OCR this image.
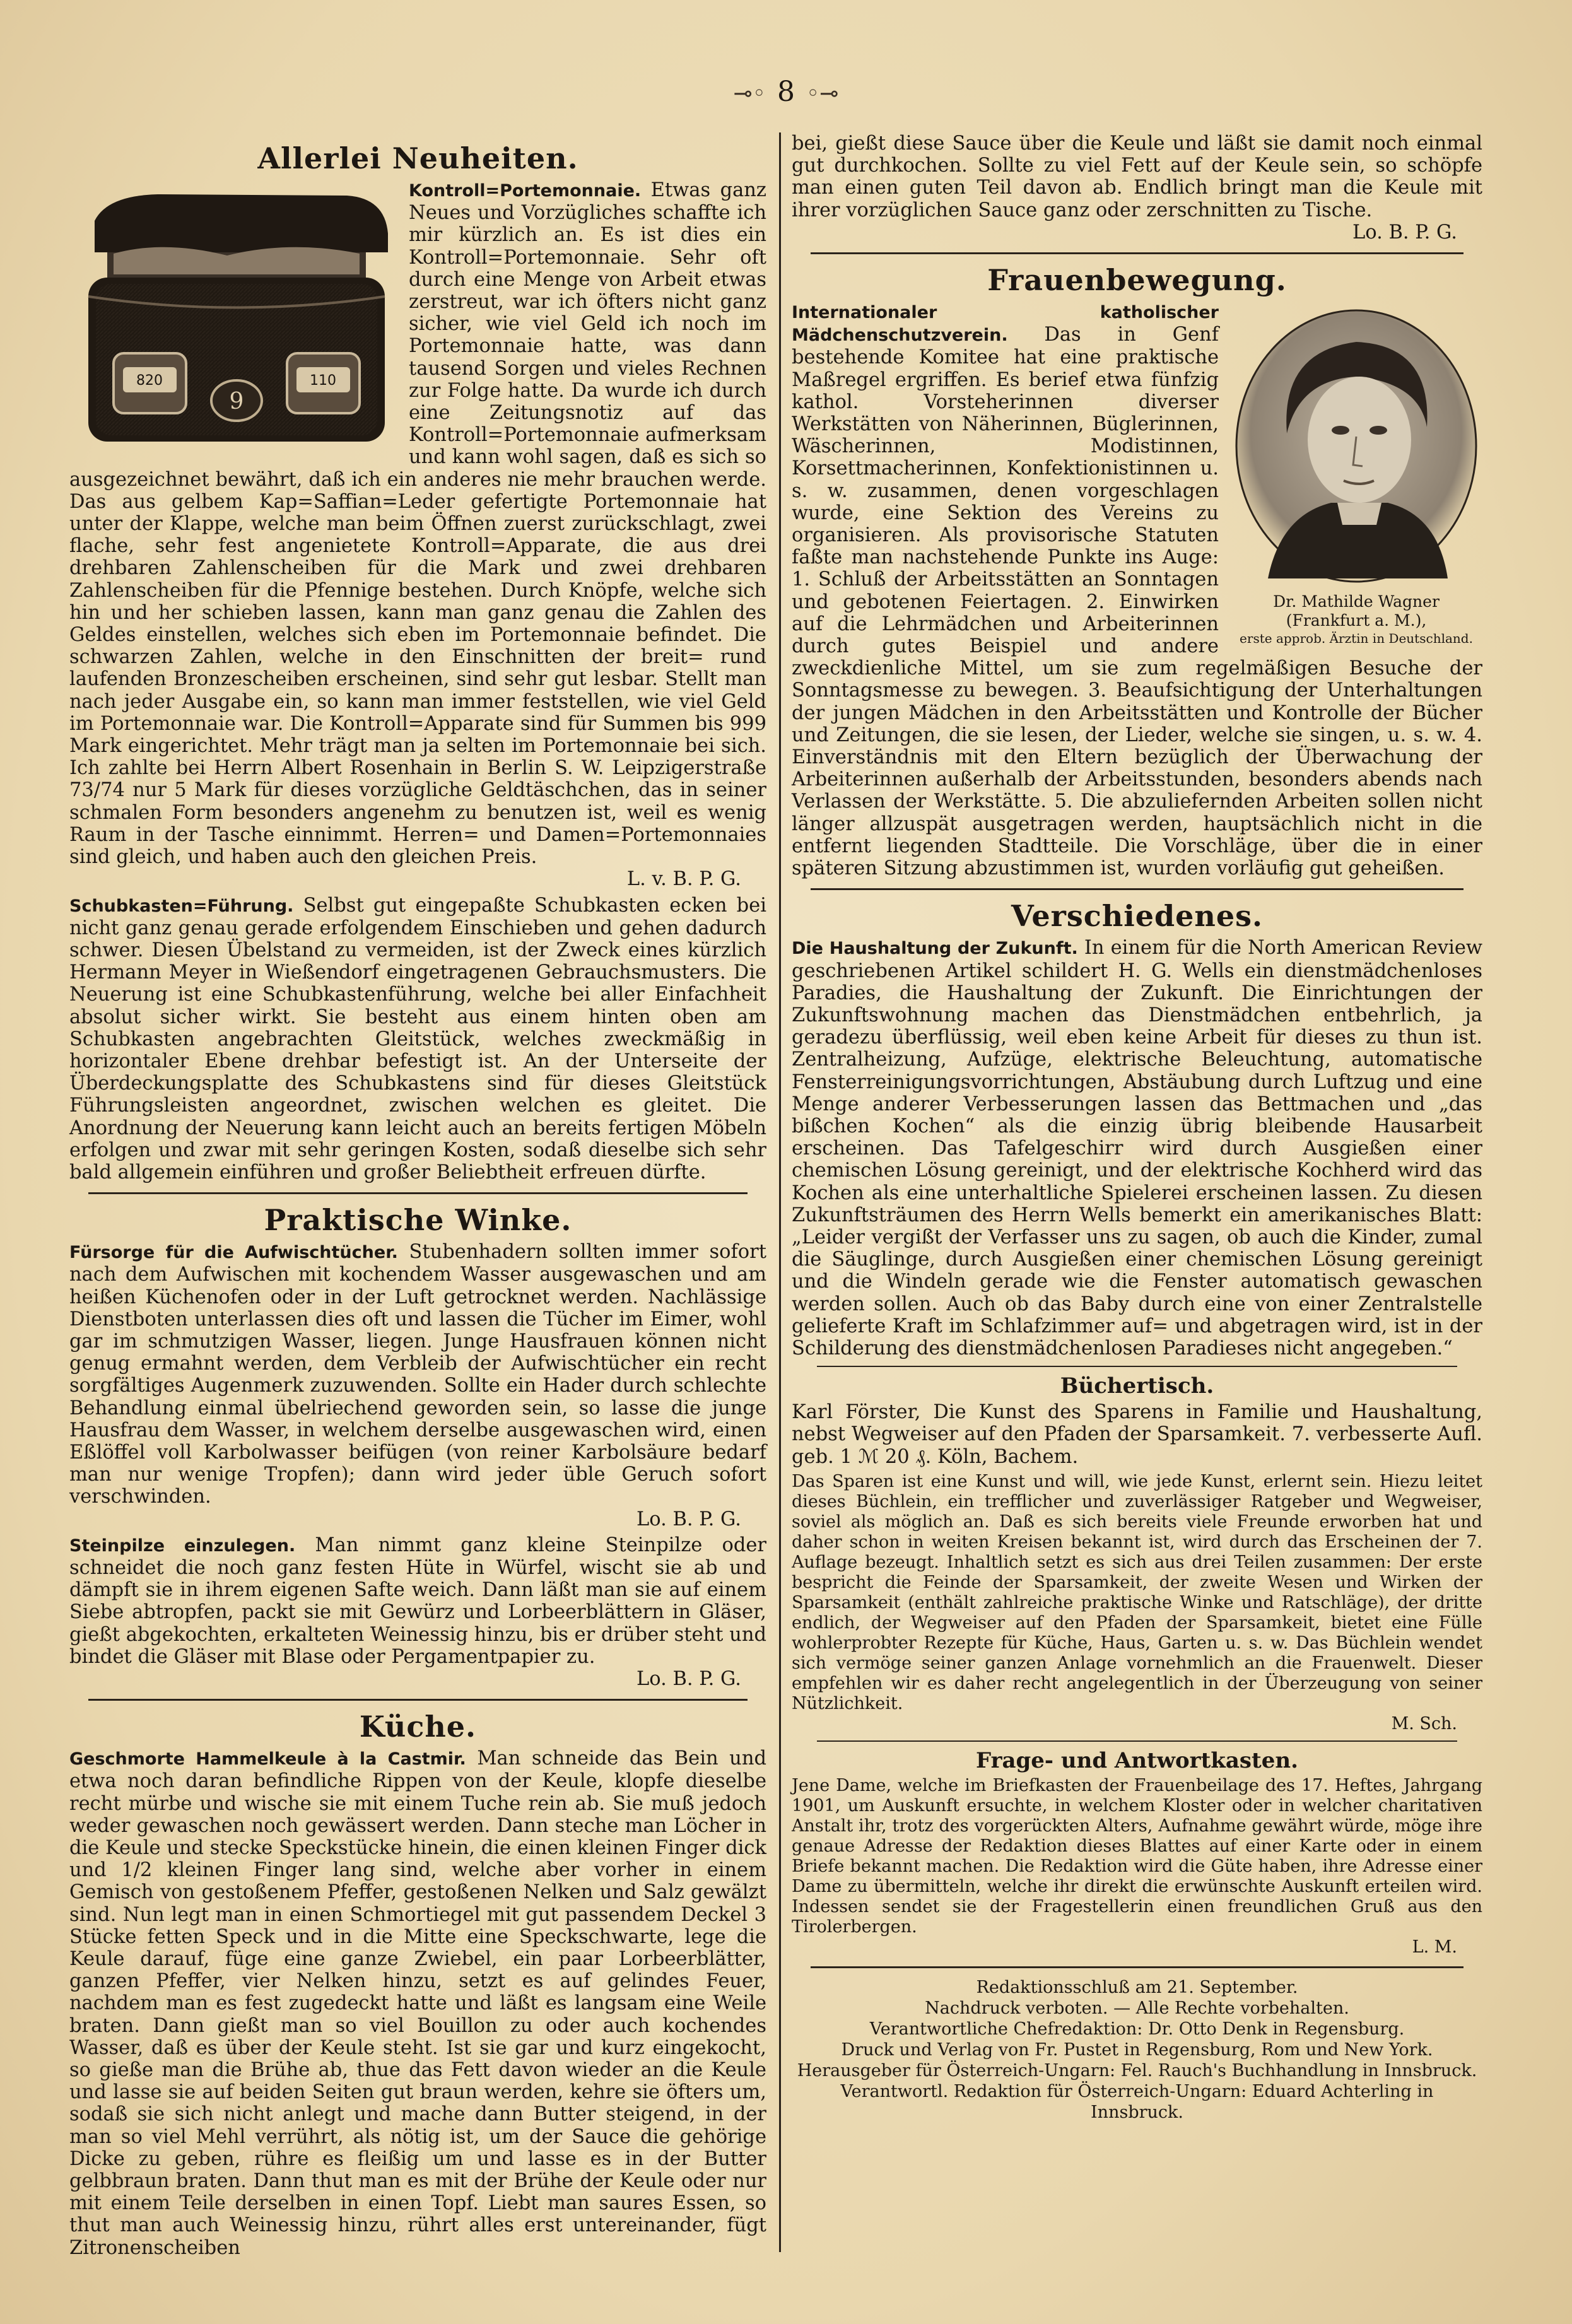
⊸◦ 8 ◦⊸
Allerlei Neuheiten.
820	110
9

Kontroll=Portemonnaie. Etwas ganz Neues und Vorzügliches schaffte ich mir kürzlich an. Es ist dies ein Kontroll=Portemonnaie. Sehr oft durch eine Menge von Arbeit etwas zerstreut, war ich öfters nicht ganz sicher, wie viel Geld ich noch im Portemonnaie hatte, was dann tausend Sorgen und vieles Rechnen zur Folge hatte. Da wurde ich durch eine Zeitungsnotiz auf das Kontroll=Portemonnaie aufmerksam und kann wohl sagen, daß es sich so ausgezeichnet bewährt, daß ich ein anderes nie mehr brauchen werde. Das aus gelbem Kap=Saffian=Leder gefertigte Portemonnaie hat unter der Klappe, welche man beim Öffnen zuerst zurückschlagt, zwei flache, sehr fest angenietete Kontroll=Apparate, die aus drei drehbaren Zahlenscheiben für die Mark und zwei drehbaren Zahlenscheiben für die Pfennige bestehen. Durch Knöpfe, welche sich hin und her schieben lassen, kann man ganz genau die Zahlen des Geldes einstellen, welches sich eben im Portemonnaie befindet. Die schwarzen Zahlen, welche in den Einschnitten der breit= rund laufenden Bronzescheiben erscheinen, sind sehr gut lesbar. Stellt man nach jeder Ausgabe ein, so kann man immer feststellen, wie viel Geld im Portemonnaie war. Die Kontroll=Apparate sind für Summen bis 999 Mark eingerichtet. Mehr trägt man ja selten im Portemonnaie bei sich. Ich zahlte bei Herrn Albert Rosenhain in Berlin S. W. Leipzigerstraße 73/74 nur 5 Mark für dieses vorzügliche Geldtäschchen, das in seiner schmalen Form besonders angenehm zu benutzen ist, weil es wenig Raum in der Tasche einnimmt. Herren= und Damen=Portemonnaies sind gleich, und haben auch den gleichen Preis.
L. v. B. P. G.

Schubkasten=Führung. Selbst gut eingepaßte Schubkasten ecken bei nicht ganz genau gerade erfolgendem Einschieben und gehen dadurch schwer. Diesen Übelstand zu vermeiden, ist der Zweck eines kürzlich Hermann Meyer in Wießendorf eingetragenen Gebrauchsmusters. Die Neuerung ist eine Schubkastenführung, welche bei aller Einfachheit absolut sicher wirkt. Sie besteht aus einem hinten oben am Schubkasten angebrachten Gleitstück, welches zweckmäßig in horizontaler Ebene drehbar befestigt ist. An der Unterseite der Überdeckungsplatte des Schubkastens sind für dieses Gleitstück Führungsleisten angeordnet, zwischen welchen es gleitet. Die Anordnung der Neuerung kann leicht auch an bereits fertigen Möbeln erfolgen und zwar mit sehr geringen Kosten, sodaß dieselbe sich sehr bald allgemein einführen und großer Beliebtheit erfreuen dürfte.

Praktische Winke.

Fürsorge für die Aufwischtücher. Stubenhadern sollten immer sofort nach dem Aufwischen mit kochendem Wasser ausgewaschen und am heißen Küchenofen oder in der Luft getrocknet werden. Nachlässige Dienstboten unterlassen dies oft und lassen die Tücher im Eimer, wohl gar im schmutzigen Wasser, liegen. Junge Hausfrauen können nicht genug ermahnt werden, dem Verbleib der Aufwischtücher ein recht sorgfältiges Augenmerk zuzuwenden. Sollte ein Hader durch schlechte Behandlung einmal übelriechend geworden sein, so lasse die junge Hausfrau dem Wasser, in welchem derselbe ausgewaschen wird, einen Eßlöffel voll Karbolwasser beifügen (von reiner Karbolsäure bedarf man nur wenige Tropfen); dann wird jeder üble Geruch sofort verschwinden.
Lo. B. P. G.

Steinpilze einzulegen. Man nimmt ganz kleine Steinpilze oder schneidet die noch ganz festen Hüte in Würfel, wischt sie ab und dämpft sie in ihrem eigenen Safte weich. Dann läßt man sie auf einem Siebe abtropfen, packt sie mit Gewürz und Lorbeerblättern in Gläser, gießt abgekochten, erkalteten Weinessig hinzu, bis er drüber steht und bindet die Gläser mit Blase oder Pergamentpapier zu.
Lo. B. P. G.

Küche.

Geschmorte Hammelkeule à la Castmir. Man schneide das Bein und etwa noch daran befindliche Rippen von der Keule, klopfe dieselbe recht mürbe und wische sie mit einem Tuche rein ab. Sie muß jedoch weder gewaschen noch gewässert werden. Dann steche man Löcher in die Keule und stecke Speckstücke hinein, die einen kleinen Finger dick und 1/2 kleinen Finger lang sind, welche aber vorher in einem Gemisch von gestoßenem Pfeffer, gestoßenen Nelken und Salz gewälzt sind. Nun legt man in einen Schmortiegel mit gut passendem Deckel 3 Stücke fetten Speck und in die Mitte eine Speckschwarte, lege die Keule darauf, füge eine ganze Zwiebel, ein paar Lorbeerblätter, ganzen Pfeffer, vier Nelken hinzu, setzt es auf gelindes Feuer, nachdem man es fest zugedeckt hatte und läßt es langsam eine Weile braten. Dann gießt man so viel Bouillon zu oder auch kochendes Wasser, daß es über der Keule steht. Ist sie gar und kurz eingekocht, so gieße man die Brühe ab, thue das Fett davon wieder an die Keule und lasse sie auf beiden Seiten gut braun werden, kehre sie öfters um, sodaß sie sich nicht anlegt und mache dann Butter steigend, in der man so viel Mehl verrührt, als nötig ist, um der Sauce die gehörige Dicke zu geben, rühre es fleißig um und lasse es in der Butter gelbbraun braten. Dann thut man es mit der Brühe der Keule oder nur mit einem Teile derselben in einen Topf. Liebt man saures Essen, so thut man auch Weinessig hinzu, rührt alles erst untereinander, fügt Zitronenscheiben

bei, gießt diese Sauce über die Keule und läßt sie damit noch einmal gut durchkochen. Sollte zu viel Fett auf der Keule sein, so schöpfe man einen guten Teil davon ab. Endlich bringt man die Keule mit ihrer vorzüglichen Sauce ganz oder zerschnitten zu Tische.
Lo. B. P. G.

Frauenbewegung.
Dr. Mathilde Wagner (Frankfurt a. M.),
erste approb. Ärztin in Deutschland.

Internationaler katholischer Mädchenschutzverein. Das in Genf bestehende Komitee hat eine praktische Maßregel ergriffen. Es berief etwa fünfzig kathol. Vorsteherinnen diverser Werkstätten von Näherinnen, Büglerinnen, Wäscherinnen, Modistinnen, Korsettmacherinnen, Konfektionistinnen u. s. w. zusammen, denen vorgeschlagen wurde, eine Sektion des Vereins zu organisieren. Als provisorische Statuten faßte man nachstehende Punkte ins Auge: 1. Schluß der Arbeitsstätten an Sonntagen und gebotenen Feiertagen. 2. Einwirken auf die Lehrmädchen und Arbeiterinnen durch gutes Beispiel und andere zweckdienliche Mittel, um sie zum regelmäßigen Besuche der Sonntagsmesse zu bewegen. 3. Beaufsichtigung der Unterhaltungen der jungen Mädchen in den Arbeitsstätten und Kontrolle der Bücher und Zeitungen, die sie lesen, der Lieder, welche sie singen, u. s. w. 4. Einverständnis mit den Eltern bezüglich der Überwachung der Arbeiterinnen außerhalb der Arbeitsstunden, besonders abends nach Verlassen der Werkstätte. 5. Die abzuliefernden Arbeiten sollen nicht länger allzuspät ausgetragen werden, hauptsächlich nicht in die entfernt liegenden Stadtteile. Die Vorschläge, über die in einer späteren Sitzung abzustimmen ist, wurden vorläufig gut geheißen.

Verschiedenes.

Die Haushaltung der Zukunft. In einem für die North American Review geschriebenen Artikel schildert H. G. Wells ein dienstmädchenloses Paradies, die Haushaltung der Zukunft. Die Einrichtungen der Zukunftswohnung machen das Dienstmädchen entbehrlich, ja geradezu überflüssig, weil eben keine Arbeit für dieses zu thun ist. Zentralheizung, Aufzüge, elektrische Beleuchtung, automatische Fensterreinigungsvorrichtungen, Abstäubung durch Luftzug und eine Menge anderer Verbesserungen lassen das Bettmachen und „das bißchen Kochen“ als die einzig übrig bleibende Hausarbeit erscheinen. Das Tafelgeschirr wird durch Ausgießen einer chemischen Lösung gereinigt, und der elektrische Kochherd wird das Kochen als eine unterhaltliche Spielerei erscheinen lassen. Zu diesen Zukunftsträumen des Herrn Wells bemerkt ein amerikanisches Blatt: „Leider vergißt der Verfasser uns zu sagen, ob auch die Kinder, zumal die Säuglinge, durch Ausgießen einer chemischen Lösung gereinigt und die Windeln gerade wie die Fenster automatisch gewaschen werden sollen. Auch ob das Baby durch eine von einer Zentralstelle gelieferte Kraft im Schlafzimmer auf= und abgetragen wird, ist in der Schilderung des dienstmädchenlosen Paradieses nicht angegeben.“

Büchertisch.

Karl Förster, Die Kunst des Sparens in Familie und Haushaltung, nebst Wegweiser auf den Pfaden der Sparsamkeit. 7. verbesserte Aufl. geb. 1 ℳ 20 ₰. Köln, Bachem.

Das Sparen ist eine Kunst und will, wie jede Kunst, erlernt sein. Hiezu leitet dieses Büchlein, ein trefflicher und zuverlässiger Ratgeber und Wegweiser, soviel als möglich an. Daß es sich bereits viele Freunde erworben hat und daher schon in weiten Kreisen bekannt ist, wird durch das Erscheinen der 7. Auflage bezeugt. Inhaltlich setzt es sich aus drei Teilen zusammen: Der erste bespricht die Feinde der Sparsamkeit, der zweite Wesen und Wirken der Sparsamkeit (enthält zahlreiche praktische Winke und Ratschläge), der dritte endlich, der Wegweiser auf den Pfaden der Sparsamkeit, bietet eine Fülle wohlerprobter Rezepte für Küche, Haus, Garten u. s. w. Das Büchlein wendet sich vermöge seiner ganzen Anlage vornehmlich an die Frauenwelt. Dieser empfehlen wir es daher recht angelegentlich in der Überzeugung von seiner Nützlichkeit.
M. Sch.

Frage- und Antwortkasten.

Jene Dame, welche im Briefkasten der Frauenbeilage des 17. Heftes, Jahrgang 1901, um Auskunft ersuchte, in welchem Kloster oder in welcher charitativen Anstalt ihr, trotz des vorgerückten Alters, Aufnahme gewährt würde, möge ihre genaue Adresse der Redaktion dieses Blattes auf einer Karte oder in einem Briefe bekannt machen. Die Redaktion wird die Güte haben, ihre Adresse einer Dame zu übermitteln, welche ihr direkt die erwünschte Auskunft erteilen wird. Indessen sendet sie der Fragestellerin einen freundlichen Gruß aus den Tirolerbergen.
L. M.

Redaktionsschluß am 21. September.

Nachdruck verboten. — Alle Rechte vorbehalten.

Verantwortliche Chefredaktion: Dr. Otto Denk in Regensburg.

Druck und Verlag von Fr. Pustet in Regensburg, Rom und New York.

Herausgeber für Österreich-Ungarn: Fel. Rauch's Buchhandlung in Innsbruck.

Verantwortl. Redaktion für Österreich-Ungarn: Eduard Achterling in Innsbruck.
